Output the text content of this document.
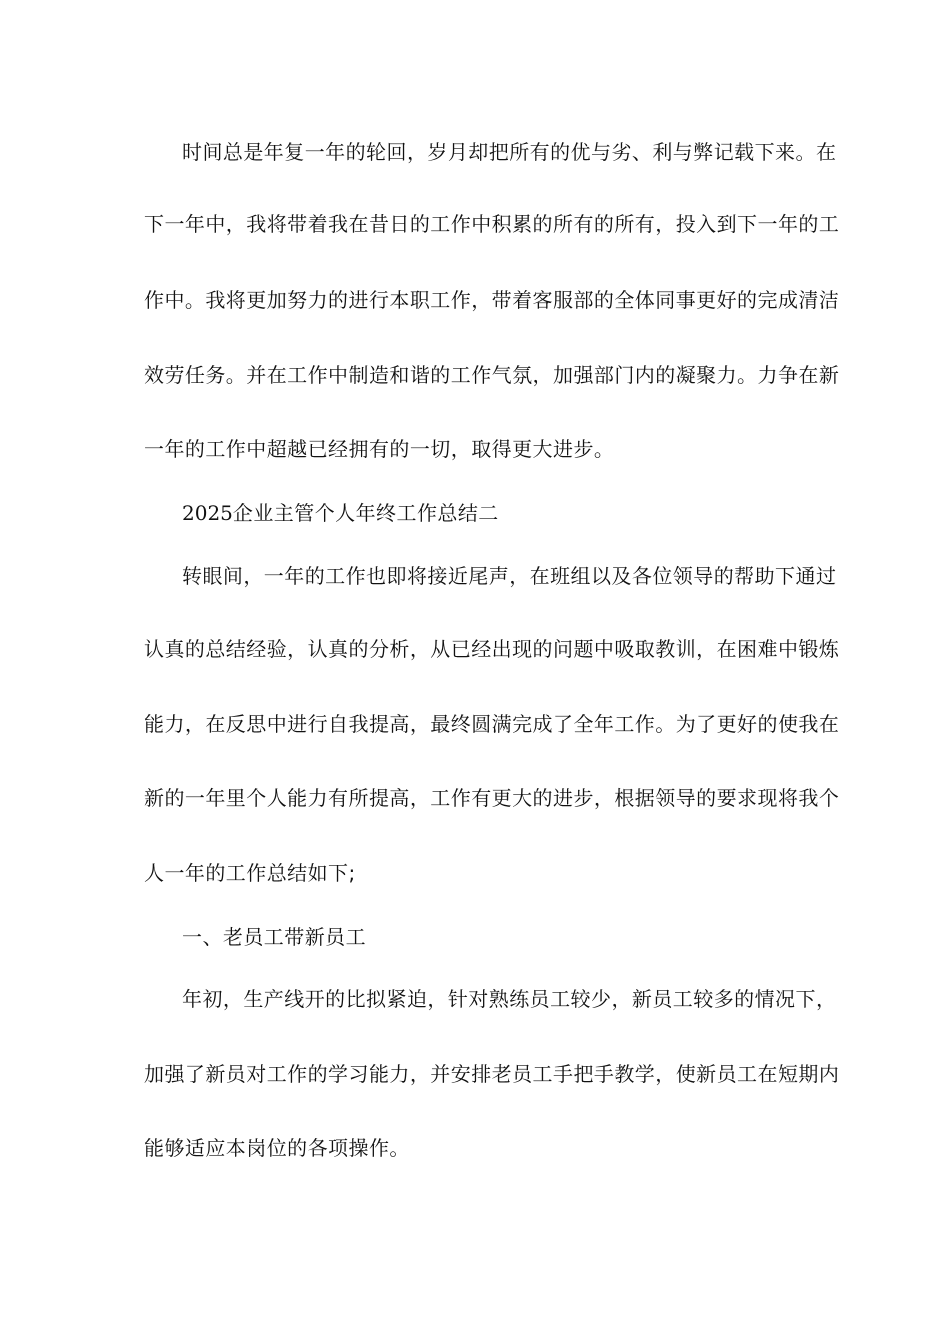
时间总是年复一年的轮回，岁月却把所有的优与劣、利与弊记载下来。在

下一年中，我将带着我在昔日的工作中积累的所有的所有，投入到下一年的工

作中。我将更加努力的进行本职工作，带着客服部的全体同事更好的完成清洁

效劳任务。并在工作中制造和谐的工作气氛，加强部门内的凝聚力。力争在新

一年的工作中超越已经拥有的一切，取得更大进步。

2025企业主管个人年终工作总结二

转眼间，一年的工作也即将接近尾声，在班组以及各位领导的帮助下通过

认真的总结经验，认真的分析，从已经出现的问题中吸取教训，在困难中锻炼

能力，在反思中进行自我提高，最终圆满完成了全年工作。为了更好的使我在

新的一年里个人能力有所提高，工作有更大的进步，根据领导的要求现将我个

人一年的工作总结如下;

一、老员工带新员工

年初，生产线开的比拟紧迫，针对熟练员工较少，新员工较多的情况下，

加强了新员对工作的学习能力，并安排老员工手把手教学，使新员工在短期内

能够适应本岗位的各项操作。
